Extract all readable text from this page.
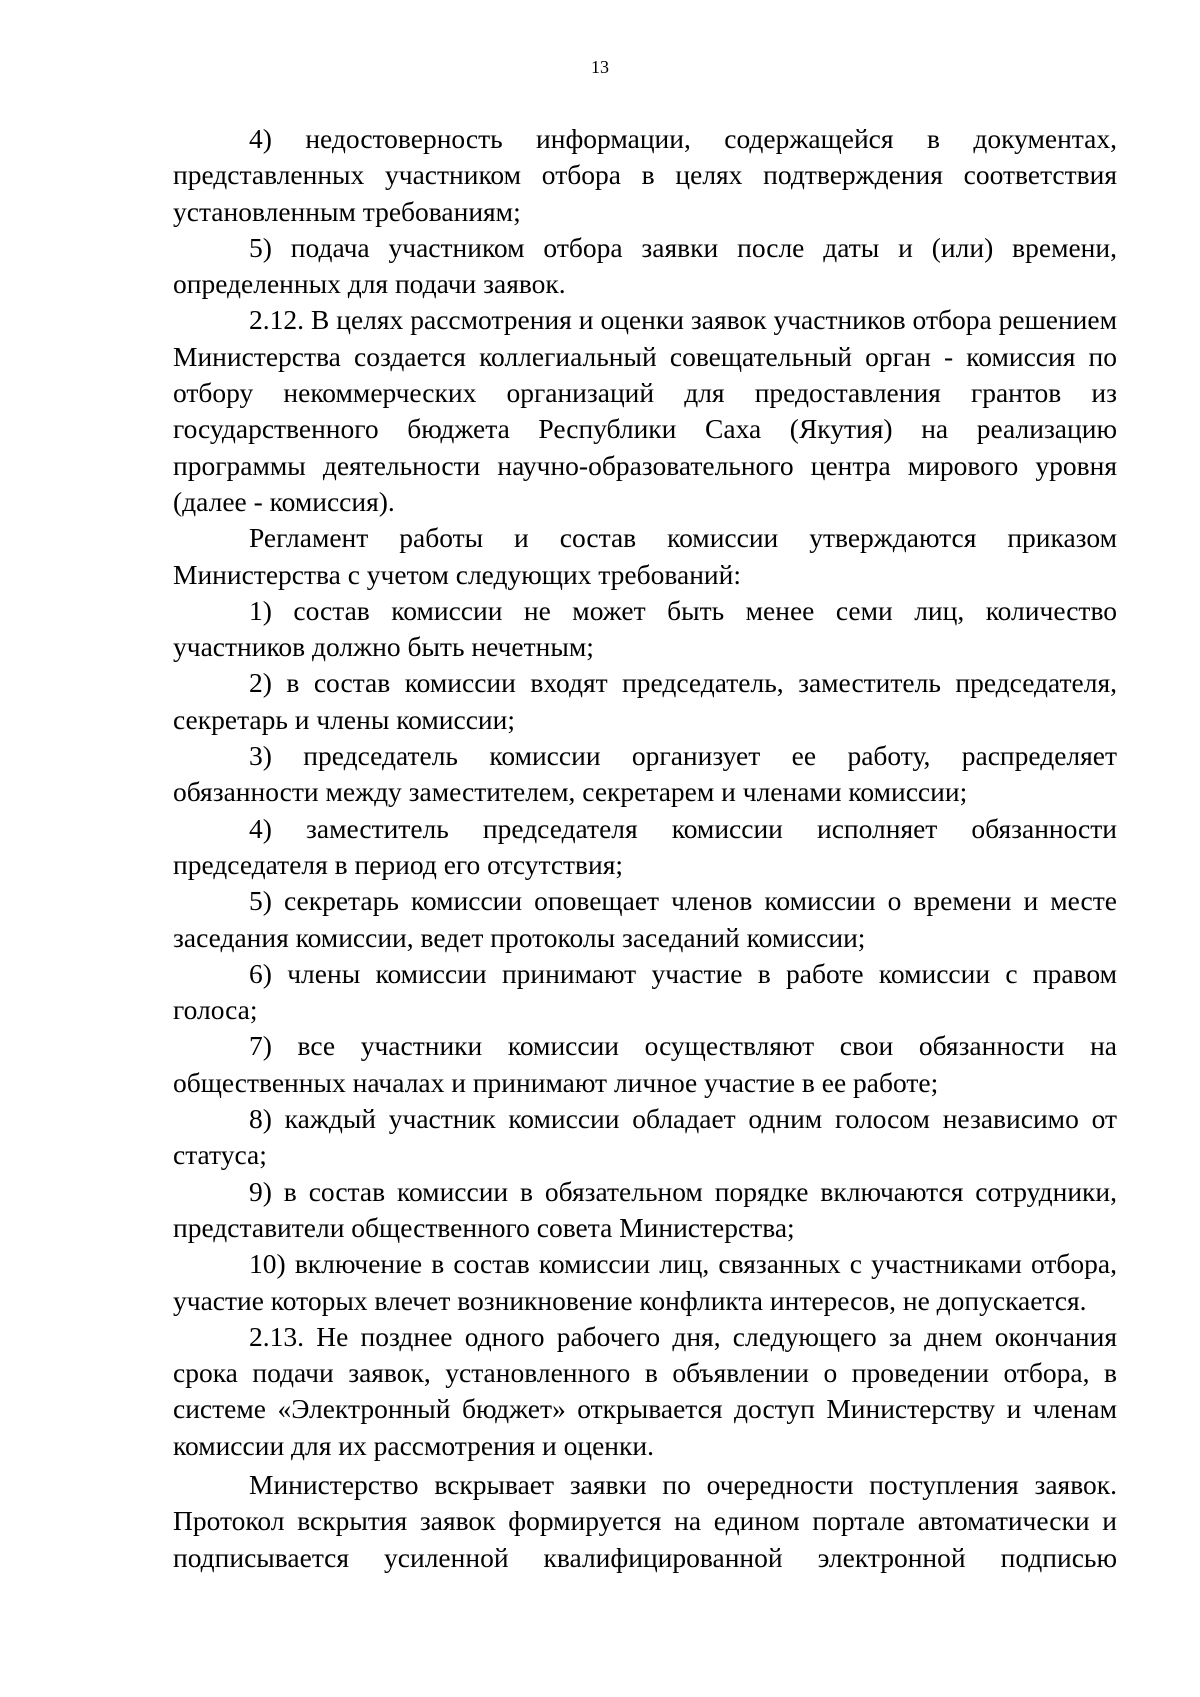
13

4) недостоверность информации, содержащейся в документах, представленных участником отбора в целях подтверждения соответствия установленным требованиям;

5) подача участником отбора заявки после даты и (или) времени, определенных для подачи заявок.

2.12. В целях рассмотрения и оценки заявок участников отбора решением Министерства создается коллегиальный совещательный орган - комиссия по отбору некоммерческих организаций для предоставления грантов из государственного бюджета Республики Саха (Якутия) на реализацию программы деятельности научно-образовательного центра мирового уровня (далее - комиссия).

Регламент работы и состав комиссии утверждаются приказом Министерства с учетом следующих требований:

1) состав комиссии не может быть менее семи лиц, количество участников должно быть нечетным;

2) в состав комиссии входят председатель, заместитель председателя, секретарь и члены комиссии;

3) председатель комиссии организует ее работу, распределяет обязанности между заместителем, секретарем и членами комиссии;

4) заместитель председателя комиссии исполняет обязанности председателя в период его отсутствия;

5) секретарь комиссии оповещает членов комиссии о времени и месте заседания комиссии, ведет протоколы заседаний комиссии;

6) члены комиссии принимают участие в работе комиссии с правом голоса;

7) все участники комиссии осуществляют свои обязанности на общественных началах и принимают личное участие в ее работе;

8) каждый участник комиссии обладает одним голосом независимо от статуса;

9) в состав комиссии в обязательном порядке включаются сотрудники, представители общественного совета Министерства;

10) включение в состав комиссии лиц, связанных с участниками отбора, участие которых влечет возникновение конфликта интересов, не допускается.

2.13. Не позднее одного рабочего дня, следующего за днем окончания срока подачи заявок, установленного в объявлении о проведении отбора, в системе «Электронный бюджет» открывается доступ Министерству и членам комиссии для их рассмотрения и оценки.

Министерство вскрывает заявки по очередности поступления заявок. Протокол вскрытия заявок формируется на едином портале автоматически и подписывается усиленной квалифицированной электронной подписью
